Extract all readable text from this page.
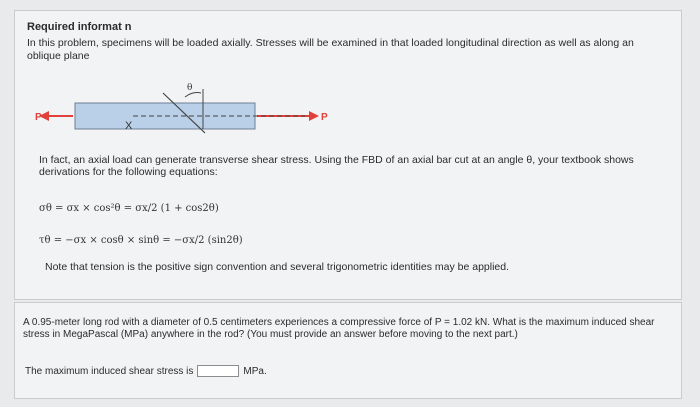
Required informat n
In this problem, specimens will be loaded axially. Stresses will be examined in that loaded longitudinal direction as well as along an oblique plane
P	P
θ
X
In fact, an axial load can generate transverse shear stress. Using the FBD of an axial bar cut at an angle θ, your textbook shows derivations for the following equations:
σθ = σx × cos²θ = σx/2 (1 + cos2θ)
τθ = −σx × cosθ × sinθ = −σx/2 (sin2θ)
Note that tension is the positive sign convention and several trigonometric identities may be applied.
A 0.95-meter long rod with a diameter of 0.5 centimeters experiences a compressive force of P = 1.02 kN. What is the maximum induced shear stress in MegaPascal (MPa) anywhere in the rod? (You must provide an answer before moving to the next part.)
The maximum induced shear stress is	MPa.
